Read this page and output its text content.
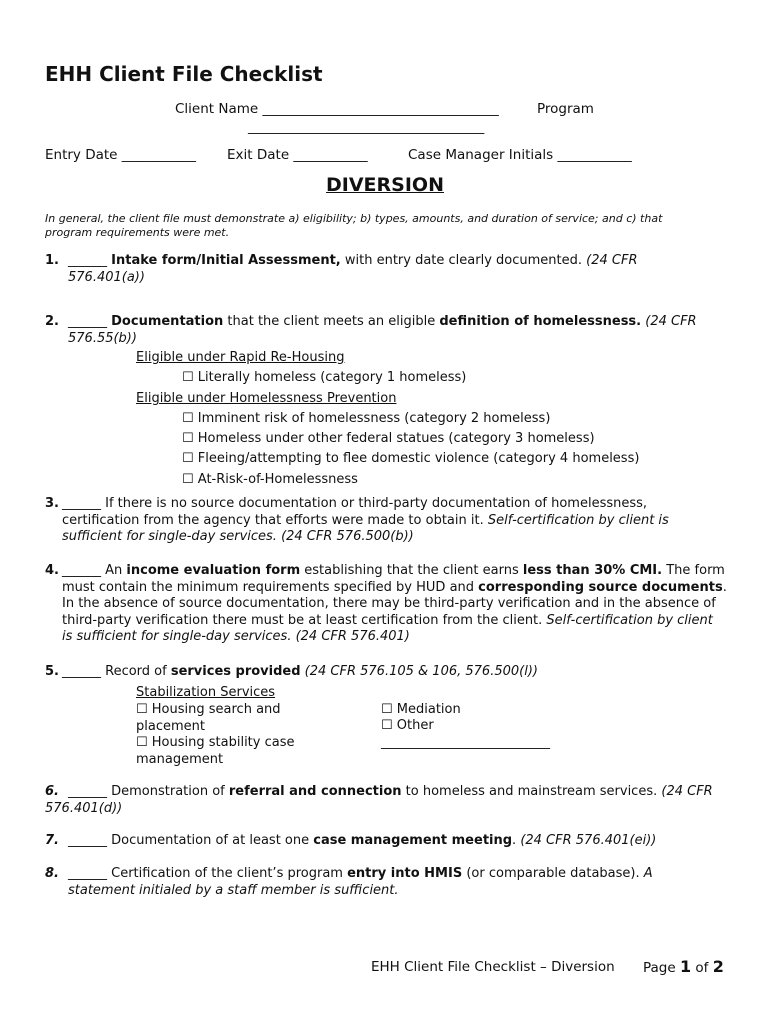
EHH Client File Checklist
Client Name ___________________________________	Program
___________________________________
Entry Date ___________ Exit Date ___________	Case Manager Initials ___________
DIVERSION
In general, the client file must demonstrate a) eligibility; b) types, amounts, and duration of service; and c) that program requirements were met.
1. ______ Intake form/Initial Assessment, with entry date clearly documented. (24 CFR 576.401(a))
2. ______ Documentation that the client meets an eligible definition of homelessness. (24 CFR 576.55(b))
Eligible under Rapid Re-Housing
☐ Literally homeless (category 1 homeless)
Eligible under Homelessness Prevention
☐ Imminent risk of homelessness (category 2 homeless)
☐ Homeless under other federal statues (category 3 homeless)
☐ Fleeing/attempting to flee domestic violence (category 4 homeless)
☐ At-Risk-of-Homelessness
3. ______ If there is no source documentation or third-party documentation of homelessness, certification from the agency that efforts were made to obtain it. Self-certification by client is sufficient for single-day services. (24 CFR 576.500(b))
4. ______ An income evaluation form establishing that the client earns less than 30% CMI. The form must contain the minimum requirements specified by HUD and corresponding source documents. In the absence of source documentation, there may be third-party verification and in the absence of third-party verification there must be at least certification from the client. Self-certification by client is sufficient for single-day services. (24 CFR 576.401)
5. ______ Record of services provided (24 CFR 576.105 & 106, 576.500(l))
Stabilization Services
☐ Housing search and placement
☐ Housing stability case management
☐ Mediation
☐ Other
__________________________
6. ______ Demonstration of referral and connection to homeless and mainstream services. (24 CFR 576.401(d))
7. ______ Documentation of at least one case management meeting. (24 CFR 576.401(ei))
8. ______ Certification of the client’s program entry into HMIS (or comparable database). A statement initialed by a staff member is sufficient.
EHH Client File Checklist – Diversion Page 1 of 2
